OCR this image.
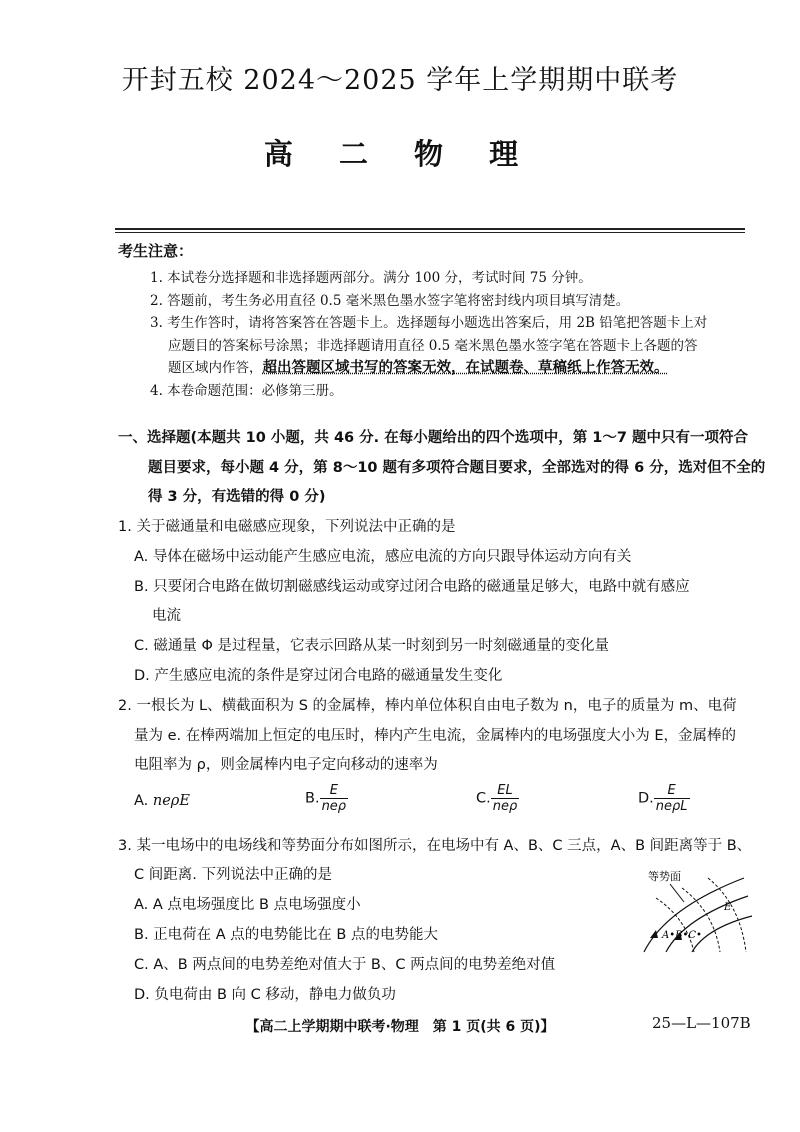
开封五校 2024～2025 学年上学期期中联考
高 二 物 理
考生注意：
1. 本试卷分选择题和非选择题两部分。满分 100 分，考试时间 75 分钟。
2. 答题前，考生务必用直径 0.5 毫米黑色墨水签字笔将密封线内项目填写清楚。
3. 考生作答时，请将答案答在答题卡上。选择题每小题选出答案后，用 2B 铅笔把答题卡上对
应题目的答案标号涂黑；非选择题请用直径 0.5 毫米黑色墨水签字笔在答题卡上各题的答
题区域内作答，超出答题区域书写的答案无效，在试题卷、草稿纸上作答无效。
4. 本卷命题范围：必修第三册。
一、选择题(本题共 10 小题，共 46 分. 在每小题给出的四个选项中，第 1～7 题中只有一项符合
题目要求，每小题 4 分，第 8～10 题有多项符合题目要求，全部选对的得 6 分，选对但不全的
得 3 分，有选错的得 0 分)
1. 关于磁通量和电磁感应现象，下列说法中正确的是
A. 导体在磁场中运动能产生感应电流，感应电流的方向只跟导体运动方向有关
B. 只要闭合电路在做切割磁感线运动或穿过闭合电路的磁通量足够大，电路中就有感应
电流
C. 磁通量 Φ 是过程量，它表示回路从某一时刻到另一时刻磁通量的变化量
D. 产生感应电流的条件是穿过闭合电路的磁通量发生变化
2. 一根长为 L、横截面积为 S 的金属棒，棒内单位体积自由电子数为 n，电子的质量为 m、电荷
量为 e. 在棒两端加上恒定的电压时，棒内产生电流，金属棒内的电场强度大小为 E，金属棒的
电阻率为 ρ，则金属棒内电子定向移动的速率为
A. neρE	B. $\frac{E}{\text{neρ}}$	C. $\frac{EL}{\text{neρ}}$	D. $\frac{E}{\text{neρL}}$
3. 某一电场中的电场线和等势面分布如图所示，在电场中有 A、B、C 三点，A、B 间距离等于 B、
C 间距离. 下列说法中正确的是
A. A 点电场强度比 B 点电场强度小
B. 正电荷在 A 点的电势能比在 B 点的电势能大
C. A、B 两点间的电势差绝对值大于 B、C 两点间的电势差绝对值
D. 负电荷由 B 向 C 移动，静电力做负功
等势面
E
A•B•C•
【高二上学期期中联考·物理　第 1 页(共 6 页)】	25—L—107B
